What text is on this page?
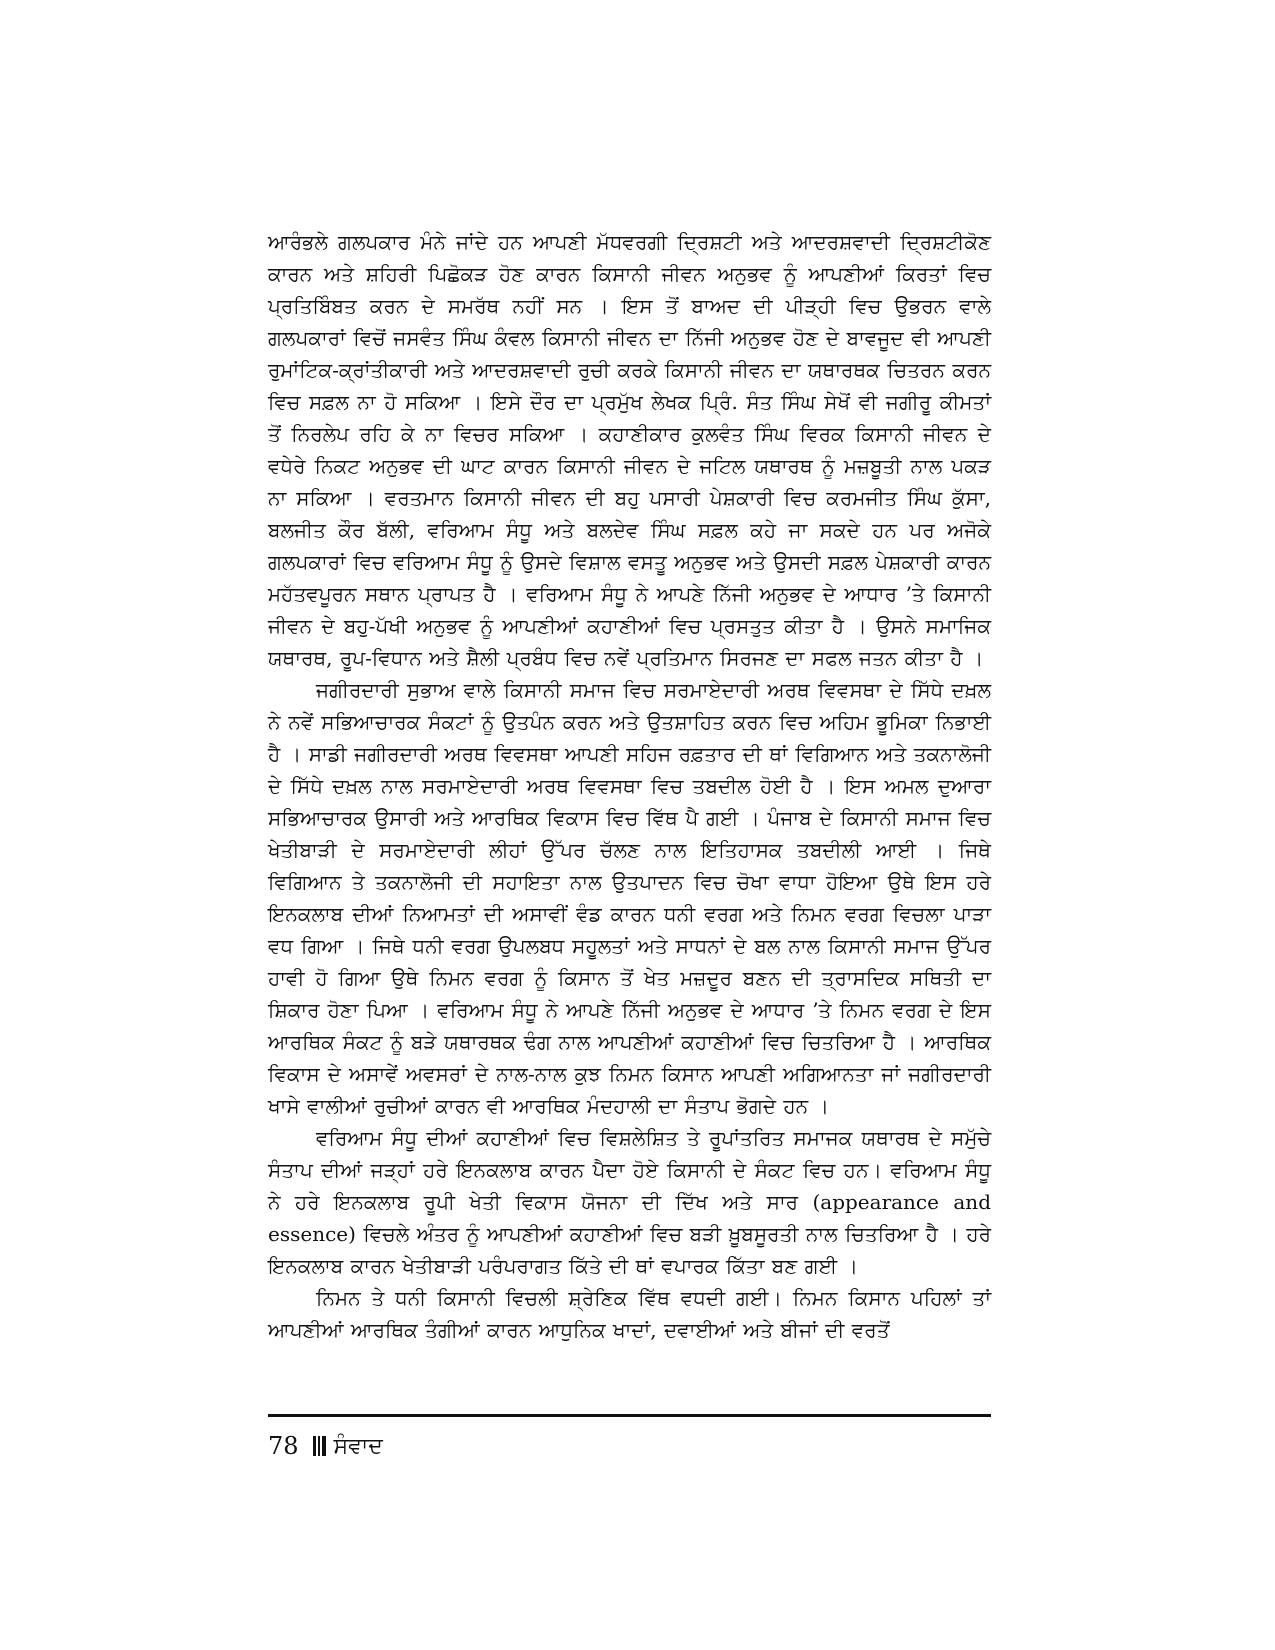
ਆਰੰਭਲੇ ਗਲਪਕਾਰ ਮੰਨੇ ਜਾਂਦੇ ਹਨ ਆਪਣੀ ਮੱਧਵਰਗੀ ਦ੍ਰਿਸ਼ਟੀ ਅਤੇ ਆਦਰਸ਼ਵਾਦੀ ਦ੍ਰਿਸ਼ਟੀਕੋਣ ਕਾਰਨ ਅਤੇ ਸ਼ਹਿਰੀ ਪਿਛੋਕੜ ਹੋਣ ਕਾਰਨ ਕਿਸਾਨੀ ਜੀਵਨ ਅਨੁਭਵ ਨੂੰ ਆਪਣੀਆਂ ਕਿਰਤਾਂ ਵਿਚ ਪ੍ਰਤਿਬਿੰਬਤ ਕਰਨ ਦੇ ਸਮਰੱਥ ਨਹੀਂ ਸਨ । ਇਸ ਤੋਂ ਬਾਅਦ ਦੀ ਪੀੜ੍ਹੀ ਵਿਚ ਉਭਰਨ ਵਾਲੇ ਗਲਪਕਾਰਾਂ ਵਿਚੋਂ ਜਸਵੰਤ ਸਿੰਘ ਕੰਵਲ ਕਿਸਾਨੀ ਜੀਵਨ ਦਾ ਨਿੱਜੀ ਅਨੁਭਵ ਹੋਣ ਦੇ ਬਾਵਜੂਦ ਵੀ ਆਪਣੀ ਰੁਮਾਂਟਿਕ-ਕ੍ਰਾਂਤੀਕਾਰੀ ਅਤੇ ਆਦਰਸ਼ਵਾਦੀ ਰੁਚੀ ਕਰਕੇ ਕਿਸਾਨੀ ਜੀਵਨ ਦਾ ਯਥਾਰਥਕ ਚਿਤਰਨ ਕਰਨ ਵਿਚ ਸਫ਼ਲ ਨਾ ਹੋ ਸਕਿਆ । ਇਸੇ ਦੌਰ ਦਾ ਪ੍ਰਮੁੱਖ ਲੇਖਕ ਪ੍ਰਿੰ. ਸੰਤ ਸਿੰਘ ਸੇਖੋਂ ਵੀ ਜਗੀਰੂ ਕੀਮਤਾਂ ਤੋਂ ਨਿਰਲੇਪ ਰਹਿ ਕੇ ਨਾ ਵਿਚਰ ਸਕਿਆ । ਕਹਾਣੀਕਾਰ ਕੁਲਵੰਤ ਸਿੰਘ ਵਿਰਕ ਕਿਸਾਨੀ ਜੀਵਨ ਦੇ ਵਧੇਰੇ ਨਿਕਟ ਅਨੁਭਵ ਦੀ ਘਾਟ ਕਾਰਨ ਕਿਸਾਨੀ ਜੀਵਨ ਦੇ ਜਟਿਲ ਯਥਾਰਥ ਨੂੰ ਮਜ਼ਬੂਤੀ ਨਾਲ ਪਕੜ ਨਾ ਸਕਿਆ । ਵਰਤਮਾਨ ਕਿਸਾਨੀ ਜੀਵਨ ਦੀ ਬਹੁ ਪਸਾਰੀ ਪੇਸ਼ਕਾਰੀ ਵਿਚ ਕਰਮਜੀਤ ਸਿੰਘ ਕੁੱਸਾ, ਬਲਜੀਤ ਕੌਰ ਬੱਲੀ, ਵਰਿਆਮ ਸੰਧੂ ਅਤੇ ਬਲਦੇਵ ਸਿੰਘ ਸਫ਼ਲ ਕਹੇ ਜਾ ਸਕਦੇ ਹਨ ਪਰ ਅਜੋਕੇ ਗਲਪਕਾਰਾਂ ਵਿਚ ਵਰਿਆਮ ਸੰਧੂ ਨੂੰ ਉਸਦੇ ਵਿਸ਼ਾਲ ਵਸਤੂ ਅਨੁਭਵ ਅਤੇ ਉਸਦੀ ਸਫ਼ਲ ਪੇਸ਼ਕਾਰੀ ਕਾਰਨ ਮਹੱਤਵਪੂਰਨ ਸਥਾਨ ਪ੍ਰਾਪਤ ਹੈ । ਵਰਿਆਮ ਸੰਧੂ ਨੇ ਆਪਣੇ ਨਿੱਜੀ ਅਨੁਭਵ ਦੇ ਆਧਾਰ ’ਤੇ ਕਿਸਾਨੀ ਜੀਵਨ ਦੇ ਬਹੁ-ਪੱਖੀ ਅਨੁਭਵ ਨੂੰ ਆਪਣੀਆਂ ਕਹਾਣੀਆਂ ਵਿਚ ਪ੍ਰਸਤੁਤ ਕੀਤਾ ਹੈ । ਉਸਨੇ ਸਮਾਜਿਕ ਯਥਾਰਥ, ਰੂਪ-ਵਿਧਾਨ ਅਤੇ ਸ਼ੈਲੀ ਪ੍ਰਬੰਧ ਵਿਚ ਨਵੇਂ ਪ੍ਰਤਿਮਾਨ ਸਿਰਜਣ ਦਾ ਸਫਲ ਜਤਨ ਕੀਤਾ ਹੈ ।

ਜਗੀਰਦਾਰੀ ਸੁਭਾਅ ਵਾਲੇ ਕਿਸਾਨੀ ਸਮਾਜ ਵਿਚ ਸਰਮਾਏਦਾਰੀ ਅਰਥ ਵਿਵਸਥਾ ਦੇ ਸਿੱਧੇ ਦਖ਼ਲ ਨੇ ਨਵੇਂ ਸਭਿਆਚਾਰਕ ਸੰਕਟਾਂ ਨੂੰ ਉਤਪੰਨ ਕਰਨ ਅਤੇ ਉਤਸ਼ਾਹਿਤ ਕਰਨ ਵਿਚ ਅਹਿਮ ਭੂਮਿਕਾ ਨਿਭਾਈ ਹੈ । ਸਾਡੀ ਜਗੀਰਦਾਰੀ ਅਰਥ ਵਿਵਸਥਾ ਆਪਣੀ ਸਹਿਜ ਰਫ਼ਤਾਰ ਦੀ ਥਾਂ ਵਿਗਿਆਨ ਅਤੇ ਤਕਨਾਲੋਜੀ ਦੇ ਸਿੱਧੇ ਦਖ਼ਲ ਨਾਲ ਸਰਮਾਏਦਾਰੀ ਅਰਥ ਵਿਵਸਥਾ ਵਿਚ ਤਬਦੀਲ ਹੋਈ ਹੈ । ਇਸ ਅਮਲ ਦੁਆਰਾ ਸਭਿਆਚਾਰਕ ਉਸਾਰੀ ਅਤੇ ਆਰਥਿਕ ਵਿਕਾਸ ਵਿਚ ਵਿੱਥ ਪੈ ਗਈ । ਪੰਜਾਬ ਦੇ ਕਿਸਾਨੀ ਸਮਾਜ ਵਿਚ ਖੇਤੀਬਾੜੀ ਦੇ ਸਰਮਾਏਦਾਰੀ ਲੀਹਾਂ ਉੱਪਰ ਚੱਲਣ ਨਾਲ ਇਤਿਹਾਸਕ ਤਬਦੀਲੀ ਆਈ । ਜਿਥੇ ਵਿਗਿਆਨ ਤੇ ਤਕਨਾਲੋਜੀ ਦੀ ਸਹਾਇਤਾ ਨਾਲ ਉਤਪਾਦਨ ਵਿਚ ਚੋਖਾ ਵਾਧਾ ਹੋਇਆ ਉਥੇ ਇਸ ਹਰੇ ਇਨਕਲਾਬ ਦੀਆਂ ਨਿਆਮਤਾਂ ਦੀ ਅਸਾਵੀਂ ਵੰਡ ਕਾਰਨ ਧਨੀ ਵਰਗ ਅਤੇ ਨਿਮਨ ਵਰਗ ਵਿਚਲਾ ਪਾੜਾ ਵਧ ਗਿਆ । ਜਿਥੇ ਧਨੀ ਵਰਗ ਉਪਲਬਧ ਸਹੂਲਤਾਂ ਅਤੇ ਸਾਧਨਾਂ ਦੇ ਬਲ ਨਾਲ ਕਿਸਾਨੀ ਸਮਾਜ ਉੱਪਰ ਹਾਵੀ ਹੋ ਗਿਆ ਉਥੇ ਨਿਮਨ ਵਰਗ ਨੂੰ ਕਿਸਾਨ ਤੋਂ ਖੇਤ ਮਜ਼ਦੂਰ ਬਣਨ ਦੀ ਤ੍ਰਾਸਦਿਕ ਸਥਿਤੀ ਦਾ ਸ਼ਿਕਾਰ ਹੋਣਾ ਪਿਆ । ਵਰਿਆਮ ਸੰਧੂ ਨੇ ਆਪਣੇ ਨਿੱਜੀ ਅਨੁਭਵ ਦੇ ਆਧਾਰ ’ਤੇ ਨਿਮਨ ਵਰਗ ਦੇ ਇਸ ਆਰਥਿਕ ਸੰਕਟ ਨੂੰ ਬੜੇ ਯਥਾਰਥਕ ਢੰਗ ਨਾਲ ਆਪਣੀਆਂ ਕਹਾਣੀਆਂ ਵਿਚ ਚਿਤਰਿਆ ਹੈ । ਆਰਥਿਕ ਵਿਕਾਸ ਦੇ ਅਸਾਵੇਂ ਅਵਸਰਾਂ ਦੇ ਨਾਲ-ਨਾਲ ਕੁਝ ਨਿਮਨ ਕਿਸਾਨ ਆਪਣੀ ਅਗਿਆਨਤਾ ਜਾਂ ਜਗੀਰਦਾਰੀ ਖਾਸੇ ਵਾਲੀਆਂ ਰੁਚੀਆਂ ਕਾਰਨ ਵੀ ਆਰਥਿਕ ਮੰਦਹਾਲੀ ਦਾ ਸੰਤਾਪ ਭੋਗਦੇ ਹਨ ।

ਵਰਿਆਮ ਸੰਧੂ ਦੀਆਂ ਕਹਾਣੀਆਂ ਵਿਚ ਵਿਸ਼ਲੇਸ਼ਿਤ ਤੇ ਰੂਪਾਂਤਰਿਤ ਸਮਾਜਕ ਯਥਾਰਥ ਦੇ ਸਮੁੱਚੇ ਸੰਤਾਪ ਦੀਆਂ ਜੜ੍ਹਾਂ ਹਰੇ ਇਨਕਲਾਬ ਕਾਰਨ ਪੈਦਾ ਹੋਏ ਕਿਸਾਨੀ ਦੇ ਸੰਕਟ ਵਿਚ ਹਨ। ਵਰਿਆਮ ਸੰਧੂ ਨੇ ਹਰੇ ਇਨਕਲਾਬ ਰੂਪੀ ਖੇਤੀ ਵਿਕਾਸ ਯੋਜਨਾ ਦੀ ਦਿੱਖ ਅਤੇ ਸਾਰ (appearance and essence) ਵਿਚਲੇ ਅੰਤਰ ਨੂੰ ਆਪਣੀਆਂ ਕਹਾਣੀਆਂ ਵਿਚ ਬੜੀ ਖ਼ੂਬਸੂਰਤੀ ਨਾਲ ਚਿਤਰਿਆ ਹੈ । ਹਰੇ ਇਨਕਲਾਬ ਕਾਰਨ ਖੇਤੀਬਾੜੀ ਪਰੰਪਰਾਗਤ ਕਿੱਤੇ ਦੀ ਥਾਂ ਵਪਾਰਕ ਕਿੱਤਾ ਬਣ ਗਈ ।

ਨਿਮਨ ਤੇ ਧਨੀ ਕਿਸਾਨੀ ਵਿਚਲੀ ਸ਼੍ਰੇਣਿਕ ਵਿੱਥ ਵਧਦੀ ਗਈ। ਨਿਮਨ ਕਿਸਾਨ ਪਹਿਲਾਂ ਤਾਂ ਆਪਣੀਆਂ ਆਰਥਿਕ ਤੰਗੀਆਂ ਕਾਰਨ ਆਧੁਨਿਕ ਖਾਦਾਂ, ਦਵਾਈਆਂ ਅਤੇ ਬੀਜਾਂ ਦੀ ਵਰਤੋਂ

78 ਸੰਵਾਦ
